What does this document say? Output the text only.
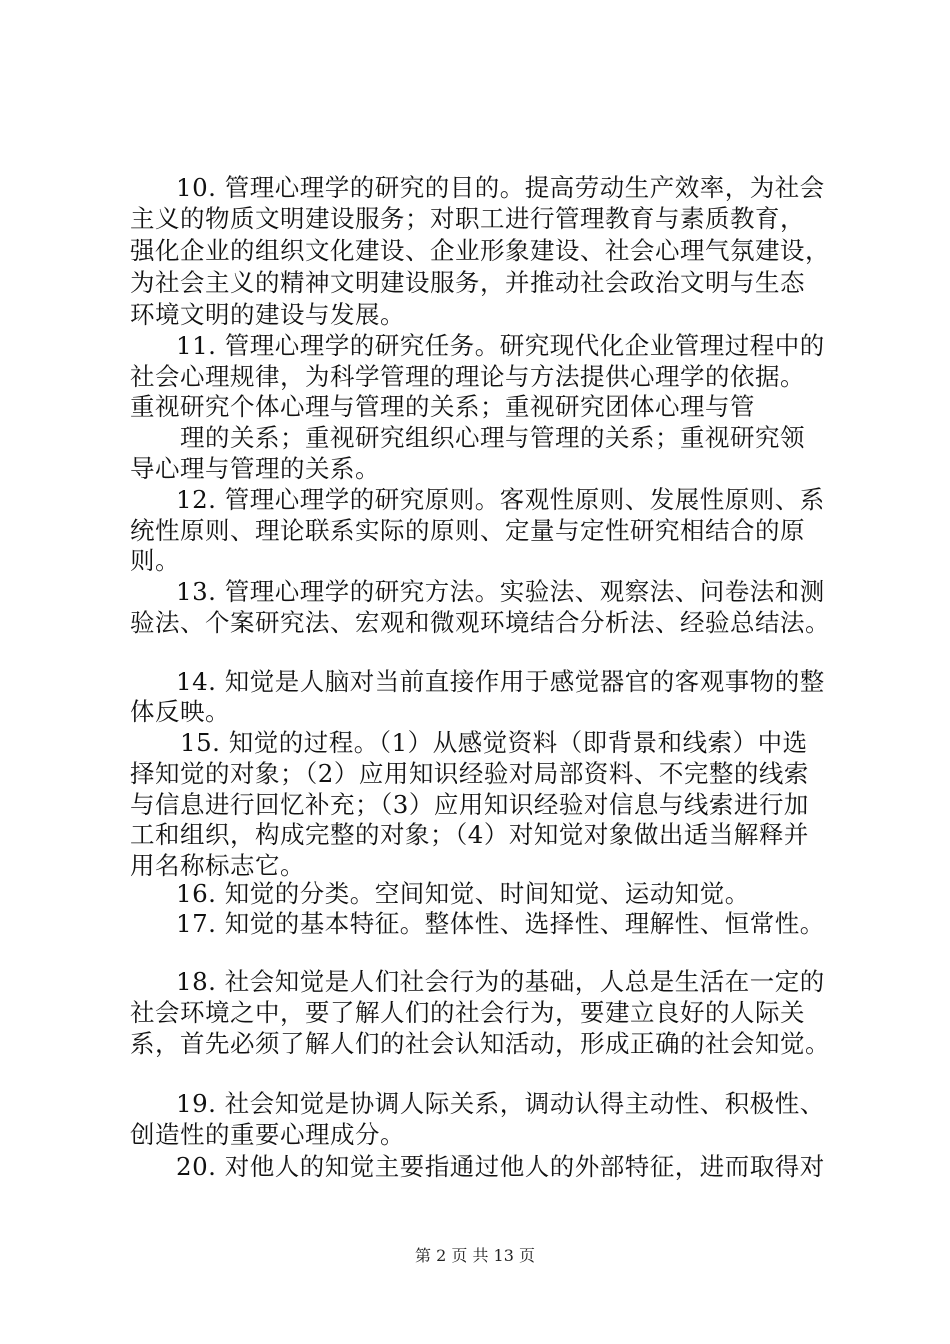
10. 管理心理学的研究的目的。提高劳动生产效率，为社会
主义的物质文明建设服务；对职工进行管理教育与素质教育，
强化企业的组织文化建设、企业形象建设、社会心理气氛建设，
为社会主义的精神文明建设服务，并推动社会政治文明与生态
环境文明的建设与发展。
11. 管理心理学的研究任务。研究现代化企业管理过程中的
社会心理规律，为科学管理的理论与方法提供心理学的依据。
重视研究个体心理与管理的关系；重视研究团体心理与管
理的关系；重视研究组织心理与管理的关系；重视研究领
导心理与管理的关系。
12. 管理心理学的研究原则。客观性原则、发展性原则、系
统性原则、理论联系实际的原则、定量与定性研究相结合的原
则。
13. 管理心理学的研究方法。实验法、观察法、问卷法和测
验法、个案研究法、宏观和微观环境结合分析法、经验总结法。
14. 知觉是人脑对当前直接作用于感觉器官的客观事物的整
体反映。
15. 知觉的过程。（1）从感觉资料（即背景和线索）中选
择知觉的对象；（2）应用知识经验对局部资料、不完整的线索
与信息进行回忆补充；（3）应用知识经验对信息与线索进行加
工和组织，构成完整的对象；（4）对知觉对象做出适当解释并
用名称标志它。
16. 知觉的分类。空间知觉、时间知觉、运动知觉。
17. 知觉的基本特征。整体性、选择性、理解性、恒常性。
18. 社会知觉是人们社会行为的基础，人总是生活在一定的
社会环境之中，要了解人们的社会行为，要建立良好的人际关
系，首先必须了解人们的社会认知活动，形成正确的社会知觉。
19. 社会知觉是协调人际关系，调动认得主动性、积极性、
创造性的重要心理成分。
20. 对他人的知觉主要指通过他人的外部特征，进而取得对
第 2 页 共 13 页
